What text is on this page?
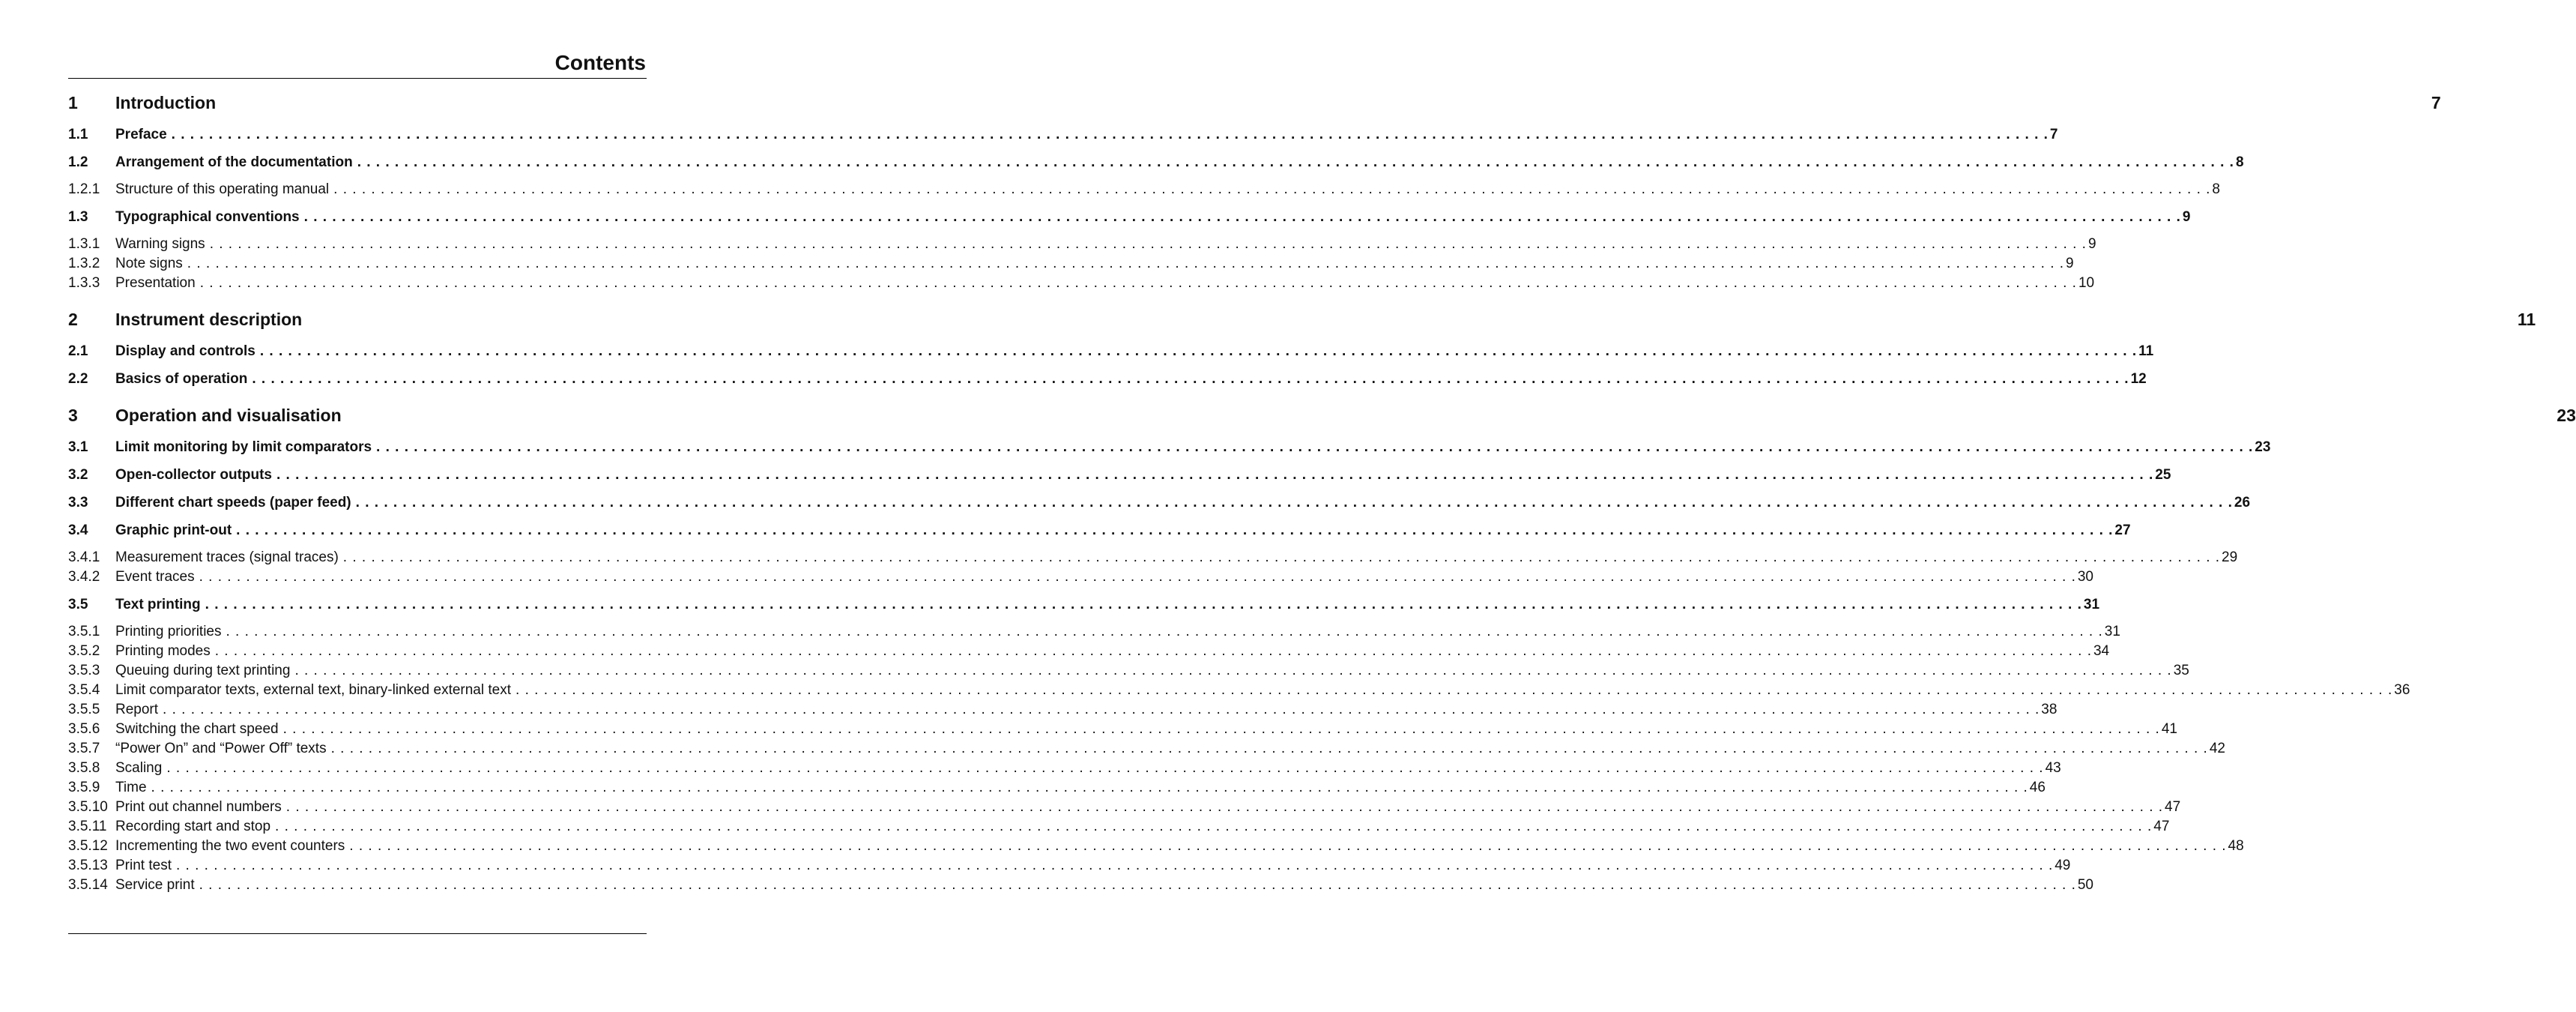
Contents
1	Introduction	7
1.1	Preface . . . . . . . . . . . . . . . . . . . . . . . . . . . . . . . . . . . . . . . . . . . . . . . . . . . . . . . . . . . . . . . . . . . . . . . . . . . . . . . . . . . . . . . . . . . . . . . . . . . . . . . . . . . . . . . . . . . . . . . . . . . . . . . . . . . . . . . . . . . . . . . . . . . . . . . . . . . . . . . . . . . . . . . . . . . . . . . . . . . . . . . . . . . . . . . . . . . . . . . . 7
1.2	Arrangement of the documentation . . . . . . . . . . . . . . . . . . . . . . . . . . . . . . . . . . . . . . . . . . . . . . . . . . . . . . . . . . . . . . . . . . . . . . . . . . . . . . . . . . . . . . . . . . . . . . . . . . . . . . . . . . . . . . . . . . . . . . . . . . . . . . . . . . . . . . . . . . . . . . . . . . . . . . . . . . . . . . . . . . . . . . . . . . . . . . . . . . . . . . . . . . . . . . . . . . . . . . . . 8
1.2.1	Structure of this operating manual . . . . . . . . . . . . . . . . . . . . . . . . . . . . . . . . . . . . . . . . . . . . . . . . . . . . . . . . . . . . . . . . . . . . . . . . . . . . . . . . . . . . . . . . . . . . . . . . . . . . . . . . . . . . . . . . . . . . . . . . . . . . . . . . . . . . . . . . . . . . . . . . . . . . . . . . . . . . . . . . . . . . . . . . . . . . . . . . . . . . . . . . . . . . . . . . . . . . . . . . 8
1.3	Typographical conventions . . . . . . . . . . . . . . . . . . . . . . . . . . . . . . . . . . . . . . . . . . . . . . . . . . . . . . . . . . . . . . . . . . . . . . . . . . . . . . . . . . . . . . . . . . . . . . . . . . . . . . . . . . . . . . . . . . . . . . . . . . . . . . . . . . . . . . . . . . . . . . . . . . . . . . . . . . . . . . . . . . . . . . . . . . . . . . . . . . . . . . . . . . . . . . . . . . . . . . . . 9
1.3.1	Warning signs . . . . . . . . . . . . . . . . . . . . . . . . . . . . . . . . . . . . . . . . . . . . . . . . . . . . . . . . . . . . . . . . . . . . . . . . . . . . . . . . . . . . . . . . . . . . . . . . . . . . . . . . . . . . . . . . . . . . . . . . . . . . . . . . . . . . . . . . . . . . . . . . . . . . . . . . . . . . . . . . . . . . . . . . . . . . . . . . . . . . . . . . . . . . . . . . . . . . . . . . 9
1.3.2	Note signs . . . . . . . . . . . . . . . . . . . . . . . . . . . . . . . . . . . . . . . . . . . . . . . . . . . . . . . . . . . . . . . . . . . . . . . . . . . . . . . . . . . . . . . . . . . . . . . . . . . . . . . . . . . . . . . . . . . . . . . . . . . . . . . . . . . . . . . . . . . . . . . . . . . . . . . . . . . . . . . . . . . . . . . . . . . . . . . . . . . . . . . . . . . . . . . . . . . . . . . . 9
1.3.3	Presentation . . . . . . . . . . . . . . . . . . . . . . . . . . . . . . . . . . . . . . . . . . . . . . . . . . . . . . . . . . . . . . . . . . . . . . . . . . . . . . . . . . . . . . . . . . . . . . . . . . . . . . . . . . . . . . . . . . . . . . . . . . . . . . . . . . . . . . . . . . . . . . . . . . . . . . . . . . . . . . . . . . . . . . . . . . . . . . . . . . . . . . . . . . . . . . . . . . . . . . . . 10
2	Instrument description	11
2.1	Display and controls . . . . . . . . . . . . . . . . . . . . . . . . . . . . . . . . . . . . . . . . . . . . . . . . . . . . . . . . . . . . . . . . . . . . . . . . . . . . . . . . . . . . . . . . . . . . . . . . . . . . . . . . . . . . . . . . . . . . . . . . . . . . . . . . . . . . . . . . . . . . . . . . . . . . . . . . . . . . . . . . . . . . . . . . . . . . . . . . . . . . . . . . . . . . . . . . . . . . . . . . 11
2.2	Basics of operation . . . . . . . . . . . . . . . . . . . . . . . . . . . . . . . . . . . . . . . . . . . . . . . . . . . . . . . . . . . . . . . . . . . . . . . . . . . . . . . . . . . . . . . . . . . . . . . . . . . . . . . . . . . . . . . . . . . . . . . . . . . . . . . . . . . . . . . . . . . . . . . . . . . . . . . . . . . . . . . . . . . . . . . . . . . . . . . . . . . . . . . . . . . . . . . . . . . . . . . . 12
3	Operation and visualisation	23
3.1	Limit monitoring by limit comparators . . . . . . . . . . . . . . . . . . . . . . . . . . . . . . . . . . . . . . . . . . . . . . . . . . . . . . . . . . . . . . . . . . . . . . . . . . . . . . . . . . . . . . . . . . . . . . . . . . . . . . . . . . . . . . . . . . . . . . . . . . . . . . . . . . . . . . . . . . . . . . . . . . . . . . . . . . . . . . . . . . . . . . . . . . . . . . . . . . . . . . . . . . . . . . . . . . . . . . . . 23
3.2	Open-collector outputs . . . . . . . . . . . . . . . . . . . . . . . . . . . . . . . . . . . . . . . . . . . . . . . . . . . . . . . . . . . . . . . . . . . . . . . . . . . . . . . . . . . . . . . . . . . . . . . . . . . . . . . . . . . . . . . . . . . . . . . . . . . . . . . . . . . . . . . . . . . . . . . . . . . . . . . . . . . . . . . . . . . . . . . . . . . . . . . . . . . . . . . . . . . . . . . . . . . . . . . . 25
3.3	Different chart speeds (paper feed) . . . . . . . . . . . . . . . . . . . . . . . . . . . . . . . . . . . . . . . . . . . . . . . . . . . . . . . . . . . . . . . . . . . . . . . . . . . . . . . . . . . . . . . . . . . . . . . . . . . . . . . . . . . . . . . . . . . . . . . . . . . . . . . . . . . . . . . . . . . . . . . . . . . . . . . . . . . . . . . . . . . . . . . . . . . . . . . . . . . . . . . . . . . . . . . . . . . . . . . . 26
3.4	Graphic print-out . . . . . . . . . . . . . . . . . . . . . . . . . . . . . . . . . . . . . . . . . . . . . . . . . . . . . . . . . . . . . . . . . . . . . . . . . . . . . . . . . . . . . . . . . . . . . . . . . . . . . . . . . . . . . . . . . . . . . . . . . . . . . . . . . . . . . . . . . . . . . . . . . . . . . . . . . . . . . . . . . . . . . . . . . . . . . . . . . . . . . . . . . . . . . . . . . . . . . . . . 27
3.4.1	Measurement traces (signal traces) . . . . . . . . . . . . . . . . . . . . . . . . . . . . . . . . . . . . . . . . . . . . . . . . . . . . . . . . . . . . . . . . . . . . . . . . . . . . . . . . . . . . . . . . . . . . . . . . . . . . . . . . . . . . . . . . . . . . . . . . . . . . . . . . . . . . . . . . . . . . . . . . . . . . . . . . . . . . . . . . . . . . . . . . . . . . . . . . . . . . . . . . . . . . . . . . . . . . . . . . 29
3.4.2	Event traces . . . . . . . . . . . . . . . . . . . . . . . . . . . . . . . . . . . . . . . . . . . . . . . . . . . . . . . . . . . . . . . . . . . . . . . . . . . . . . . . . . . . . . . . . . . . . . . . . . . . . . . . . . . . . . . . . . . . . . . . . . . . . . . . . . . . . . . . . . . . . . . . . . . . . . . . . . . . . . . . . . . . . . . . . . . . . . . . . . . . . . . . . . . . . . . . . . . . . . . . 30
3.5	Text printing . . . . . . . . . . . . . . . . . . . . . . . . . . . . . . . . . . . . . . . . . . . . . . . . . . . . . . . . . . . . . . . . . . . . . . . . . . . . . . . . . . . . . . . . . . . . . . . . . . . . . . . . . . . . . . . . . . . . . . . . . . . . . . . . . . . . . . . . . . . . . . . . . . . . . . . . . . . . . . . . . . . . . . . . . . . . . . . . . . . . . . . . . . . . . . . . . . . . . . . . 31
3.5.1	Printing priorities . . . . . . . . . . . . . . . . . . . . . . . . . . . . . . . . . . . . . . . . . . . . . . . . . . . . . . . . . . . . . . . . . . . . . . . . . . . . . . . . . . . . . . . . . . . . . . . . . . . . . . . . . . . . . . . . . . . . . . . . . . . . . . . . . . . . . . . . . . . . . . . . . . . . . . . . . . . . . . . . . . . . . . . . . . . . . . . . . . . . . . . . . . . . . . . . . . . . . . . . 31
3.5.2	Printing modes . . . . . . . . . . . . . . . . . . . . . . . . . . . . . . . . . . . . . . . . . . . . . . . . . . . . . . . . . . . . . . . . . . . . . . . . . . . . . . . . . . . . . . . . . . . . . . . . . . . . . . . . . . . . . . . . . . . . . . . . . . . . . . . . . . . . . . . . . . . . . . . . . . . . . . . . . . . . . . . . . . . . . . . . . . . . . . . . . . . . . . . . . . . . . . . . . . . . . . . . 34
3.5.3	Queuing during text printing . . . . . . . . . . . . . . . . . . . . . . . . . . . . . . . . . . . . . . . . . . . . . . . . . . . . . . . . . . . . . . . . . . . . . . . . . . . . . . . . . . . . . . . . . . . . . . . . . . . . . . . . . . . . . . . . . . . . . . . . . . . . . . . . . . . . . . . . . . . . . . . . . . . . . . . . . . . . . . . . . . . . . . . . . . . . . . . . . . . . . . . . . . . . . . . . . . . . . . . . 35
3.5.4	Limit comparator texts, external text, binary-linked external text . . . . . . . . . . . . . . . . . . . . . . . . . . . . . . . . . . . . . . . . . . . . . . . . . . . . . . . . . . . . . . . . . . . . . . . . . . . . . . . . . . . . . . . . . . . . . . . . . . . . . . . . . . . . . . . . . . . . . . . . . . . . . . . . . . . . . . . . . . . . . . . . . . . . . . . . . . . . . . . . . . . . . . . . . . . . . . . . . . . . . . . . . . . . . . . . . . . . . . . . 36
3.5.5	Report . . . . . . . . . . . . . . . . . . . . . . . . . . . . . . . . . . . . . . . . . . . . . . . . . . . . . . . . . . . . . . . . . . . . . . . . . . . . . . . . . . . . . . . . . . . . . . . . . . . . . . . . . . . . . . . . . . . . . . . . . . . . . . . . . . . . . . . . . . . . . . . . . . . . . . . . . . . . . . . . . . . . . . . . . . . . . . . . . . . . . . . . . . . . . . . . . . . . . . . . 38
3.5.6	Switching the chart speed . . . . . . . . . . . . . . . . . . . . . . . . . . . . . . . . . . . . . . . . . . . . . . . . . . . . . . . . . . . . . . . . . . . . . . . . . . . . . . . . . . . . . . . . . . . . . . . . . . . . . . . . . . . . . . . . . . . . . . . . . . . . . . . . . . . . . . . . . . . . . . . . . . . . . . . . . . . . . . . . . . . . . . . . . . . . . . . . . . . . . . . . . . . . . . . . . . . . . . . . 41
3.5.7	“Power On” and “Power Off” texts . . . . . . . . . . . . . . . . . . . . . . . . . . . . . . . . . . . . . . . . . . . . . . . . . . . . . . . . . . . . . . . . . . . . . . . . . . . . . . . . . . . . . . . . . . . . . . . . . . . . . . . . . . . . . . . . . . . . . . . . . . . . . . . . . . . . . . . . . . . . . . . . . . . . . . . . . . . . . . . . . . . . . . . . . . . . . . . . . . . . . . . . . . . . . . . . . . . . . . . . 42
3.5.8	Scaling . . . . . . . . . . . . . . . . . . . . . . . . . . . . . . . . . . . . . . . . . . . . . . . . . . . . . . . . . . . . . . . . . . . . . . . . . . . . . . . . . . . . . . . . . . . . . . . . . . . . . . . . . . . . . . . . . . . . . . . . . . . . . . . . . . . . . . . . . . . . . . . . . . . . . . . . . . . . . . . . . . . . . . . . . . . . . . . . . . . . . . . . . . . . . . . . . . . . . . . . 43
3.5.9	Time . . . . . . . . . . . . . . . . . . . . . . . . . . . . . . . . . . . . . . . . . . . . . . . . . . . . . . . . . . . . . . . . . . . . . . . . . . . . . . . . . . . . . . . . . . . . . . . . . . . . . . . . . . . . . . . . . . . . . . . . . . . . . . . . . . . . . . . . . . . . . . . . . . . . . . . . . . . . . . . . . . . . . . . . . . . . . . . . . . . . . . . . . . . . . . . . . . . . . . . . 46
3.5.10 Print out channel numbers . . . . . . . . . . . . . . . . . . . . . . . . . . . . . . . . . . . . . . . . . . . . . . . . . . . . . . . . . . . . . . . . . . . . . . . . . . . . . . . . . . . . . . . . . . . . . . . . . . . . . . . . . . . . . . . . . . . . . . . . . . . . . . . . . . . . . . . . . . . . . . . . . . . . . . . . . . . . . . . . . . . . . . . . . . . . . . . . . . . . . . . . . . . . . . . . . . . . . . . . 47
3.5.11 Recording start and stop . . . . . . . . . . . . . . . . . . . . . . . . . . . . . . . . . . . . . . . . . . . . . . . . . . . . . . . . . . . . . . . . . . . . . . . . . . . . . . . . . . . . . . . . . . . . . . . . . . . . . . . . . . . . . . . . . . . . . . . . . . . . . . . . . . . . . . . . . . . . . . . . . . . . . . . . . . . . . . . . . . . . . . . . . . . . . . . . . . . . . . . . . . . . . . . . . . . . . . . . 47
3.5.12 Incrementing the two event counters . . . . . . . . . . . . . . . . . . . . . . . . . . . . . . . . . . . . . . . . . . . . . . . . . . . . . . . . . . . . . . . . . . . . . . . . . . . . . . . . . . . . . . . . . . . . . . . . . . . . . . . . . . . . . . . . . . . . . . . . . . . . . . . . . . . . . . . . . . . . . . . . . . . . . . . . . . . . . . . . . . . . . . . . . . . . . . . . . . . . . . . . . . . . . . . . . . . . . . . . 48
3.5.13 Print test . . . . . . . . . . . . . . . . . . . . . . . . . . . . . . . . . . . . . . . . . . . . . . . . . . . . . . . . . . . . . . . . . . . . . . . . . . . . . . . . . . . . . . . . . . . . . . . . . . . . . . . . . . . . . . . . . . . . . . . . . . . . . . . . . . . . . . . . . . . . . . . . . . . . . . . . . . . . . . . . . . . . . . . . . . . . . . . . . . . . . . . . . . . . . . . . . . . . . . . . 49
3.5.14 Service print . . . . . . . . . . . . . . . . . . . . . . . . . . . . . . . . . . . . . . . . . . . . . . . . . . . . . . . . . . . . . . . . . . . . . . . . . . . . . . . . . . . . . . . . . . . . . . . . . . . . . . . . . . . . . . . . . . . . . . . . . . . . . . . . . . . . . . . . . . . . . . . . . . . . . . . . . . . . . . . . . . . . . . . . . . . . . . . . . . . . . . . . . . . . . . . . . . . . . . . . 50
